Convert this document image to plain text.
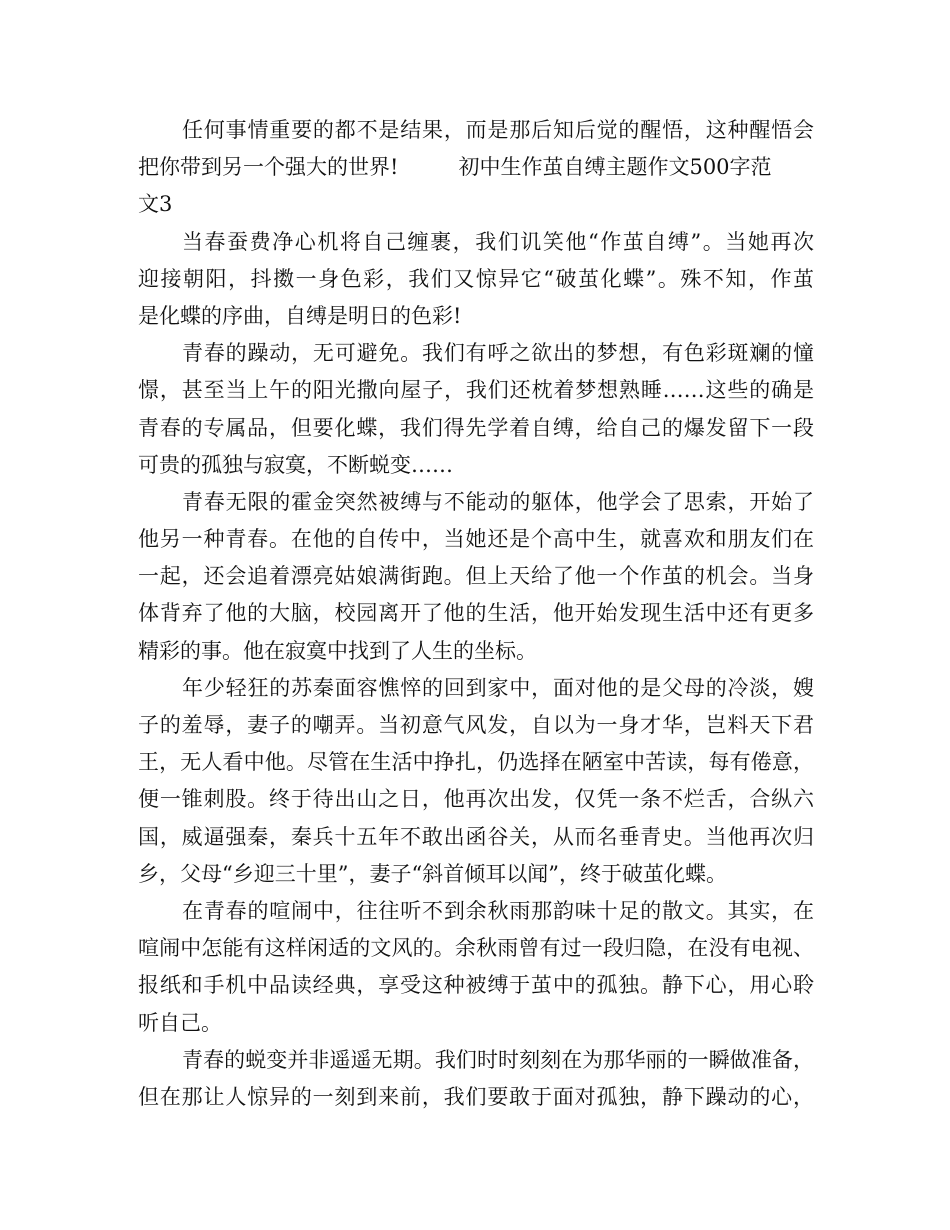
任何事情重要的都不是结果，而是那后知后觉的醒悟，这种醒悟会
把你带到另一个强大的世界!	初中生作茧自缚主题作文500字范
文3
当春蚕费净心机将自己缠裹，我们讥笑他“作茧自缚”。当她再次
迎接朝阳，抖擞一身色彩，我们又惊异它“破茧化蝶”。殊不知，作茧
是化蝶的序曲，自缚是明日的色彩!
青春的躁动，无可避免。我们有呼之欲出的梦想，有色彩斑斓的憧
憬，甚至当上午的阳光撒向屋子，我们还枕着梦想熟睡……这些的确是
青春的专属品，但要化蝶，我们得先学着自缚，给自己的爆发留下一段
可贵的孤独与寂寞，不断蜕变……
青春无限的霍金突然被缚与不能动的躯体，他学会了思索，开始了
他另一种青春。在他的自传中，当她还是个高中生，就喜欢和朋友们在
一起，还会追着漂亮姑娘满街跑。但上天给了他一个作茧的机会。当身
体背弃了他的大脑，校园离开了他的生活，他开始发现生活中还有更多
精彩的事。他在寂寞中找到了人生的坐标。
年少轻狂的苏秦面容憔悴的回到家中，面对他的是父母的冷淡，嫂
子的羞辱，妻子的嘲弄。当初意气风发，自以为一身才华，岂料天下君
王，无人看中他。尽管在生活中挣扎，仍选择在陋室中苦读，每有倦意，
便一锥刺股。终于待出山之日，他再次出发，仅凭一条不烂舌，合纵六
国，威逼强秦，秦兵十五年不敢出函谷关，从而名垂青史。当他再次归
乡，父母“乡迎三十里”，妻子“斜首倾耳以闻”，终于破茧化蝶。
在青春的喧闹中，往往听不到余秋雨那韵味十足的散文。其实，在
喧闹中怎能有这样闲适的文风的。余秋雨曾有过一段归隐，在没有电视、
报纸和手机中品读经典，享受这种被缚于茧中的孤独。静下心，用心聆
听自己。
青春的蜕变并非遥遥无期。我们时时刻刻在为那华丽的一瞬做准备，
但在那让人惊异的一刻到来前，我们要敢于面对孤独，静下躁动的心，
